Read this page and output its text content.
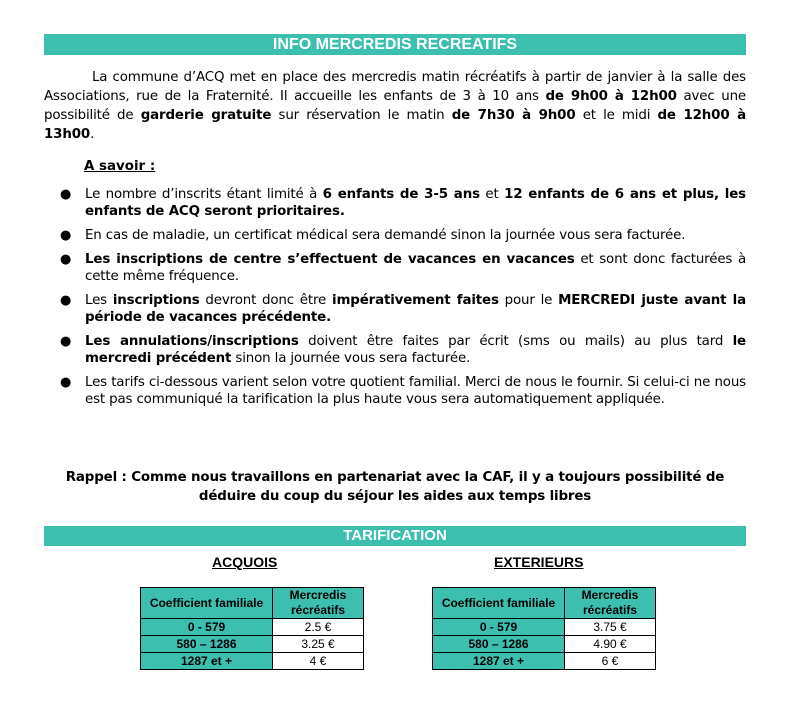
INFO MERCREDIS RECREATIFS

La commune d’ACQ met en place des mercredis matin récréatifs à partir de janvier à la salle des Associations, rue de la Fraternité. Il accueille les enfants de 3 à 10 ans de 9h00 à 12h00 avec une possibilité de garderie gratuite sur réservation le matin de 7h30 à 9h00 et le midi de 12h00 à 13h00.

A savoir :

● Le nombre d’inscrits étant limité à 6 enfants de 3-5 ans et 12 enfants de 6 ans et plus, les enfants de ACQ seront prioritaires.
● En cas de maladie, un certificat médical sera demandé sinon la journée vous sera facturée.
● Les inscriptions de centre s’effectuent de vacances en vacances et sont donc facturées à cette même fréquence.
● Les inscriptions devront donc être impérativement faites pour le MERCREDI juste avant la période de vacances précédente.
● Les annulations/inscriptions doivent être faites par écrit (sms ou mails) au plus tard le mercredi précédent sinon la journée vous sera facturée.
● Les tarifs ci-dessous varient selon votre quotient familial. Merci de nous le fournir. Si celui-ci ne nous est pas communiqué la tarification la plus haute vous sera automatiquement appliquée.

Rappel : Comme nous travaillons en partenariat avec la CAF, il y a toujours possibilité de déduire du coup du séjour les aides aux temps libres

TARIFICATION
ACQUOIS	EXTERIEURS
Coefficient familiale	Mercredis récréatifs
0 - 579	2.5 €
580 – 1286	3.25 €
1287 et +	4 €
Coefficient familiale	Mercredis récréatifs
0 - 579	3.75 €
580 – 1286	4.90 €
1287 et +	6 €
